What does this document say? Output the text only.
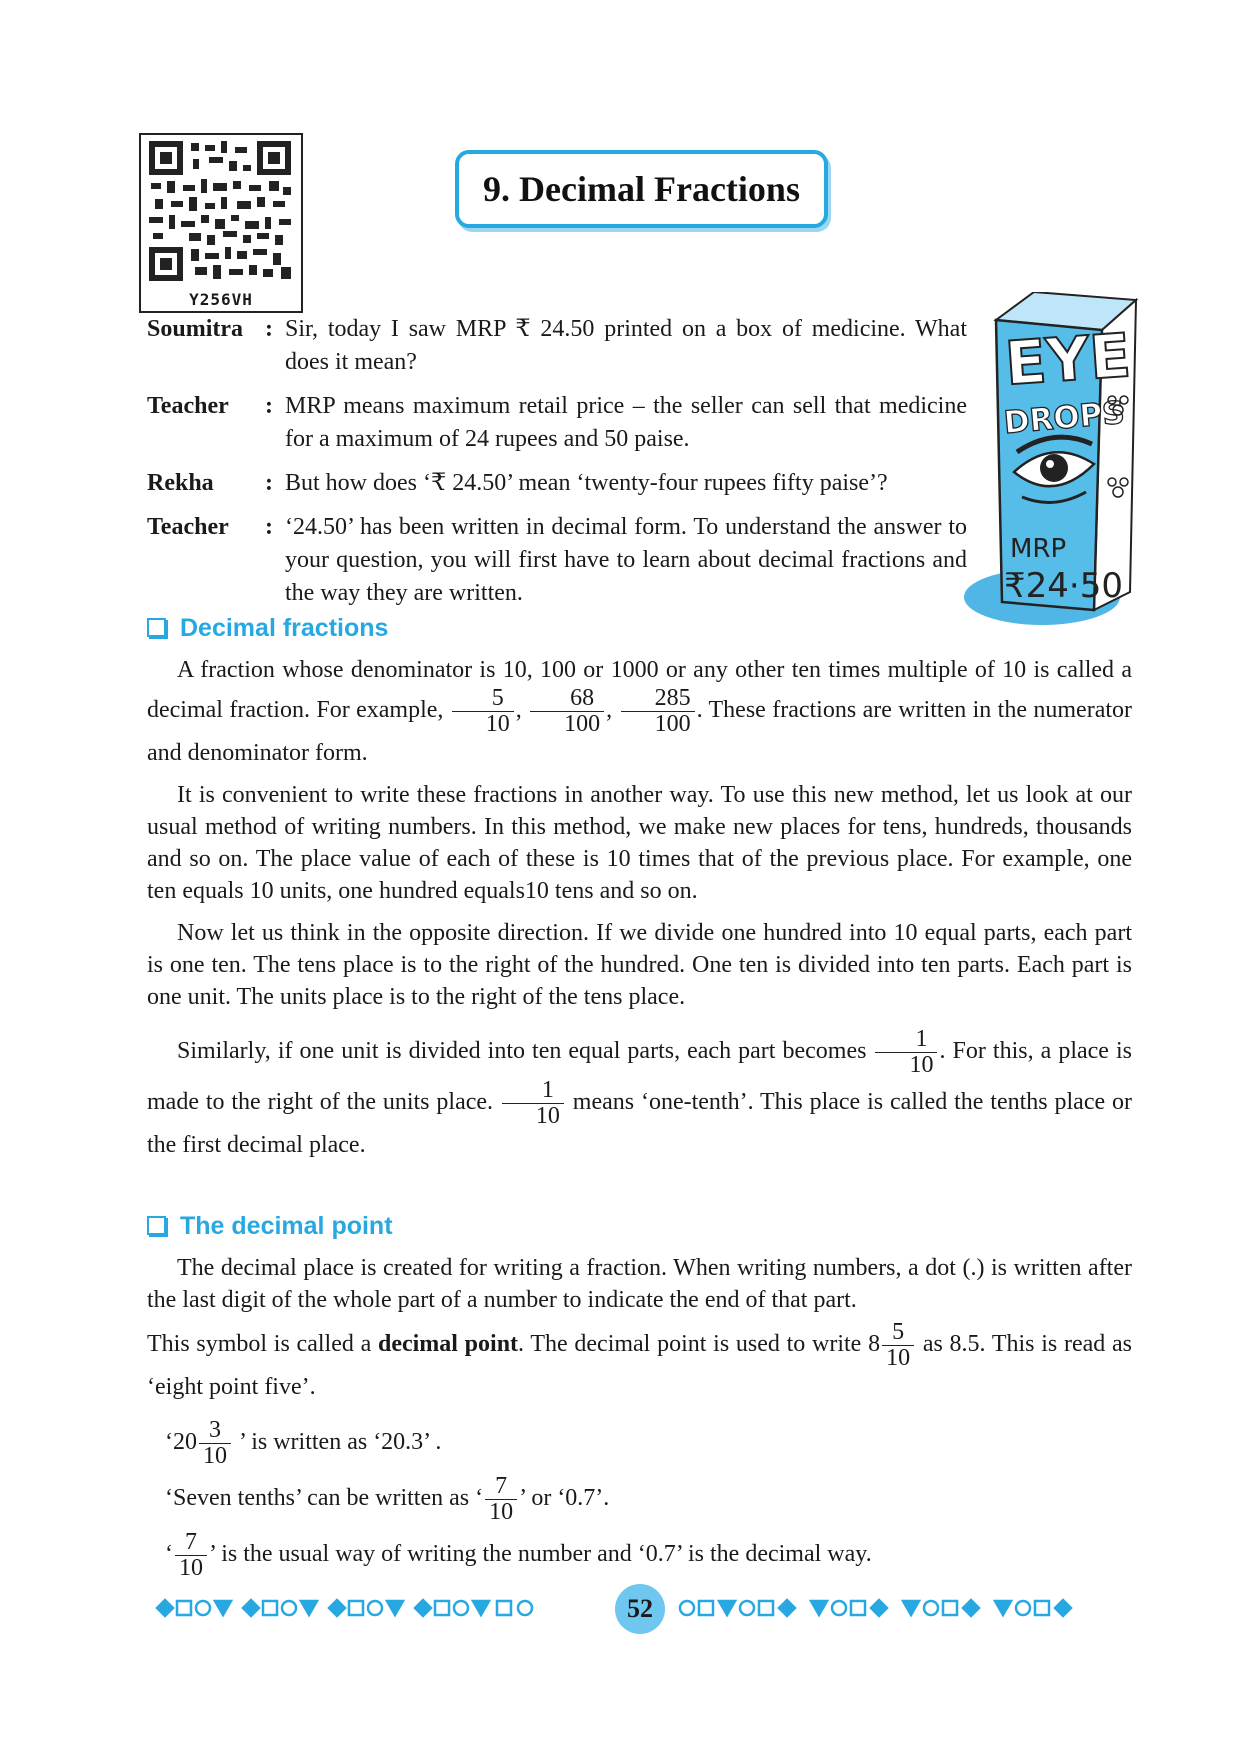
Y256VH
9. Decimal Fractions
Soumitra : Sir, today I saw MRP ₹ 24.50 printed on a box of medicine. What does it mean?
Teacher	: MRP means maximum retail price – the seller can sell that medicine for a maximum of 24 rupees and 50 paise.
Rekha	: But how does ‘₹ 24.50’ mean ‘twenty-four rupees fifty paise’?
Teacher	: ‘24.50’ has been written in decimal form. To understand the answer to your question, you will first have to learn about decimal fractions and the way they are written.
EYE
DROPS
MRP
₹24·50
Decimal fractions

A fraction whose denominator is 10, 100 or 1000 or any other ten times multiple of 10 is called a decimal fraction. For example, $\frac{5}{10}$ , $\frac{68}{100}$ , $\frac{285}{100}$ . These fractions are written in the numerator and denominator form.

It is convenient to write these fractions in another way. To use this new method, let us look at our usual method of writing numbers. In this method, we make new places for tens, hundreds, thousands and so on. The place value of each of these is 10 times that of the previous place. For example, one ten equals 10 units, one hundred equals10 tens and so on.

Now let us think in the opposite direction. If we divide one hundred into 10 equal parts, each part is one ten. The tens place is to the right of the hundred. One ten is divided into ten parts. Each part is one unit. The units place is to the right of the tens place.

Similarly, if one unit is divided into ten equal parts, each part becomes $\frac{1}{10}$ . For this, a place is made to the right of the units place. $\frac{1}{10}$ means ‘one-tenth’. This place is called the tenths place or the first decimal place.

The decimal point

The decimal place is created for writing a fraction. When writing numbers, a dot (.) is written after the last digit of the whole part of a number to indicate the end of that part.

This symbol is called a decimal point. The decimal point is used to write $8 \frac{5}{10}$ as 8.5. This is read as ‘eight point five’.

‘$20 \frac{3}{10}$ ’ is written as ‘20.3’ .
‘Seven tenths’ can be written as ‘ $\frac{7}{10}$ ’ or ‘0.7’.
‘ $\frac{7}{10}$ ’ is the usual way of writing the number and ‘0.7’ is the decimal way.
52
